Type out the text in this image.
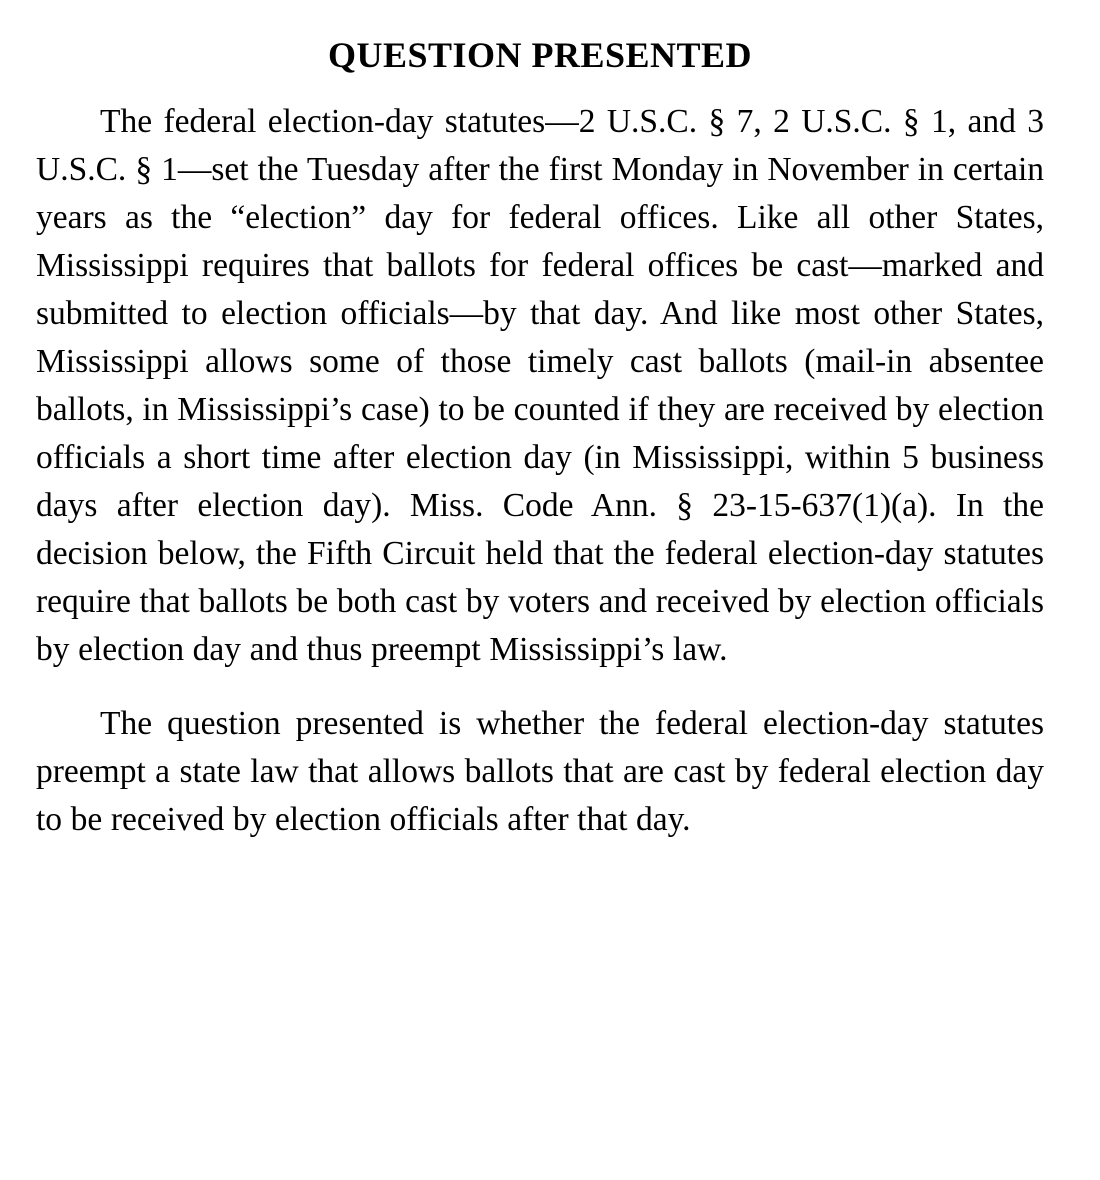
QUESTION PRESENTED

The federal election-day statutes—2 U.S.C. § 7, 2 U.S.C. § 1, and 3 U.S.C. § 1—set the Tuesday after the first Monday in November in certain years as the “election” day for federal offices. Like all other States, Mississippi requires that ballots for federal offices be cast—marked and submitted to election officials—by that day. And like most other States, Mississippi allows some of those timely cast ballots (mail-in absentee ballots, in Mississippi’s case) to be counted if they are received by election officials a short time after election day (in Mississippi, within 5 business days after election day). Miss. Code Ann. § 23-15-637(1)(a). In the decision below, the Fifth Circuit held that the federal election-day statutes require that ballots be both cast by voters and received by election officials by election day and thus preempt Mississippi’s law.

The question presented is whether the federal election-day statutes preempt a state law that allows ballots that are cast by federal election day to be received by election officials after that day.
